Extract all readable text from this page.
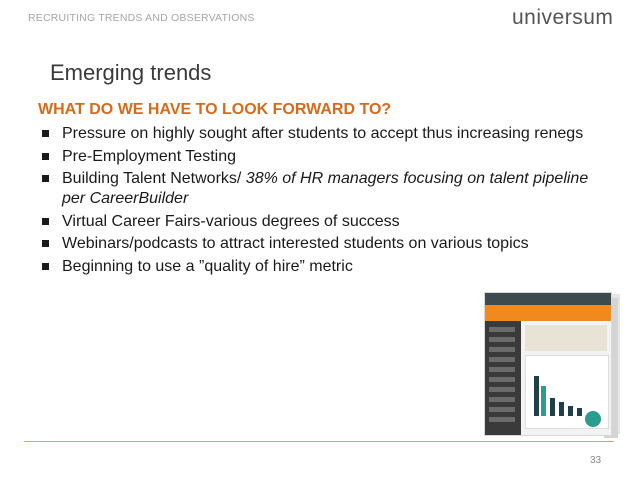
RECRUITING TRENDS AND OBSERVATIONS	universum
Emerging trends
WHAT DO WE HAVE TO LOOK FORWARD TO?
Pressure on highly sought after students to accept thus increasing renegs
Pre-Employment Testing
Building Talent Networks/ 38% of HR managers focusing on talent pipeline per CareerBuilder
Virtual Career Fairs-various degrees of success
Webinars/podcasts to attract interested students on various topics
Beginning to use a ”quality of hire” metric
33
